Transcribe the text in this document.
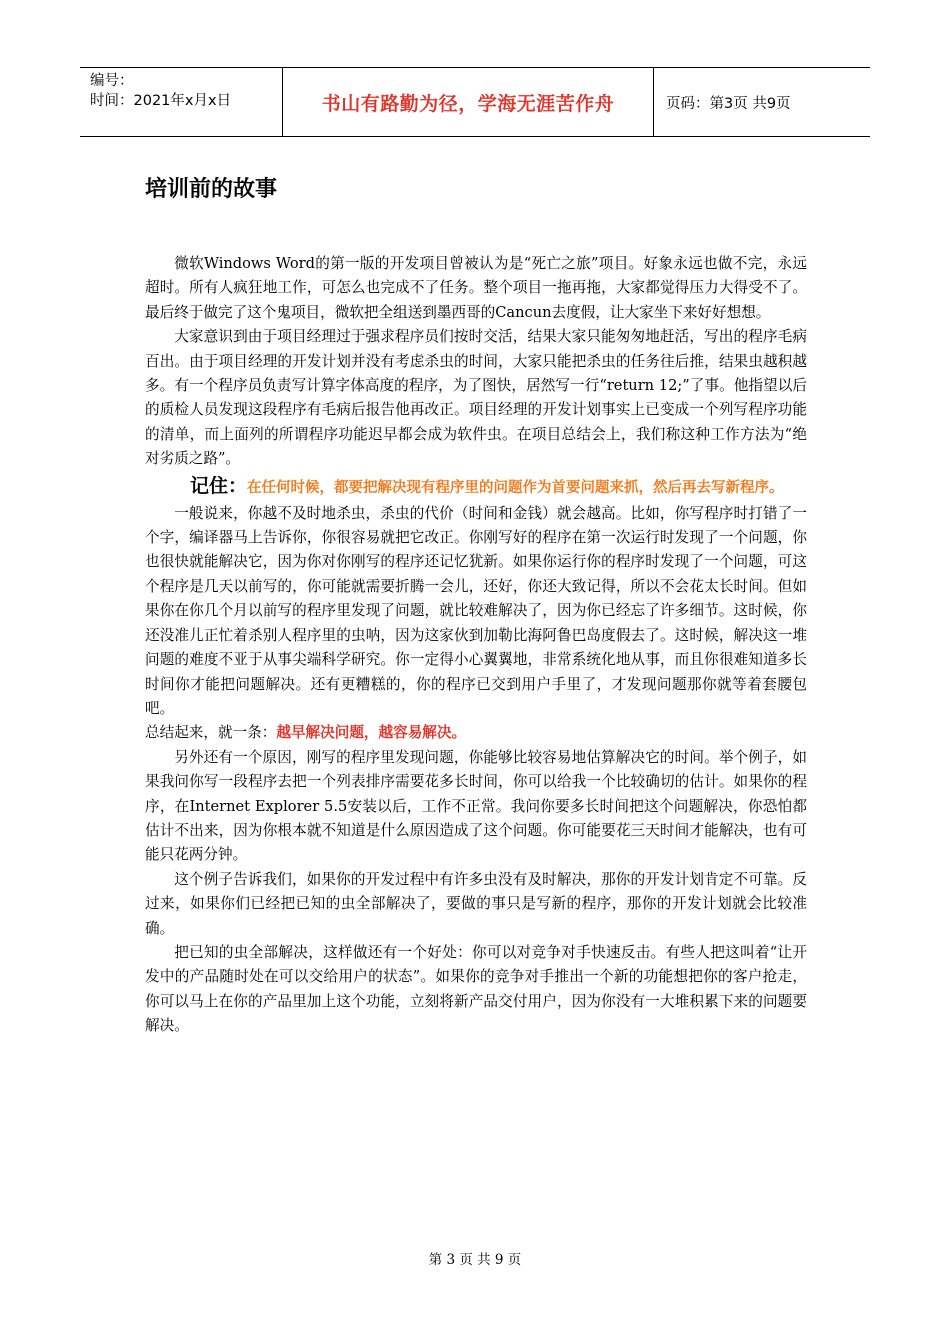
编号：
时间：2021年x月x日	书山有路勤为径，学海无涯苦作舟	页码：第3页 共9页
培训前的故事

微软Windows Word的第一版的开发项目曾被认为是“死亡之旅”项目。好象永远也做不完，永远超时。所有人疯狂地工作，可怎么也完成不了任务。整个项目一拖再拖，大家都觉得压力大得受不了。最后终于做完了这个鬼项目，微软把全组送到墨西哥的Cancun去度假，让大家坐下来好好想想。

大家意识到由于项目经理过于强求程序员们按时交活，结果大家只能匆匆地赶活，写出的程序毛病百出。由于项目经理的开发计划并没有考虑杀虫的时间，大家只能把杀虫的任务往后推，结果虫越积越多。有一个程序员负责写计算字体高度的程序，为了图快，居然写一行“return 12;”了事。他指望以后的质检人员发现这段程序有毛病后报告他再改正。项目经理的开发计划事实上已变成一个列写程序功能的清单，而上面列的所谓程序功能迟早都会成为软件虫。在项目总结会上，我们称这种工作方法为“绝对劣质之路”。

记住：在任何时候，都要把解决现有程序里的问题作为首要问题来抓，然后再去写新程序。

一般说来，你越不及时地杀虫，杀虫的代价（时间和金钱）就会越高。比如，你写程序时打错了一个字，编译器马上告诉你，你很容易就把它改正。你刚写好的程序在第一次运行时发现了一个问题，你也很快就能解决它，因为你对你刚写的程序还记忆犹新。如果你运行你的程序时发现了一个问题，可这个程序是几天以前写的，你可能就需要折腾一会儿，还好，你还大致记得，所以不会花太长时间。但如果你在你几个月以前写的程序里发现了问题，就比较难解决了，因为你已经忘了许多细节。这时候，你还没准儿正忙着杀别人程序里的虫呐，因为这家伙到加勒比海阿鲁巴岛度假去了。这时候，解决这一堆问题的难度不亚于从事尖端科学研究。你一定得小心翼翼地，非常系统化地从事，而且你很难知道多长时间你才能把问题解决。还有更糟糕的，你的程序已交到用户手里了，才发现问题那你就等着套腰包吧。

总结起来，就一条：越早解决问题，越容易解决。

另外还有一个原因，刚写的程序里发现问题，你能够比较容易地估算解决它的时间。举个例子，如果我问你写一段程序去把一个列表排序需要花多长时间，你可以给我一个比较确切的估计。如果你的程序，在Internet Explorer 5.5安装以后，工作不正常。我问你要多长时间把这个问题解决，你恐怕都估计不出来，因为你根本就不知道是什么原因造成了这个问题。你可能要花三天时间才能解决，也有可能只花两分钟。

这个例子告诉我们，如果你的开发过程中有许多虫没有及时解决，那你的开发计划肯定不可靠。反过来，如果你们已经把已知的虫全部解决了，要做的事只是写新的程序，那你的开发计划就会比较准确。

把已知的虫全部解决，这样做还有一个好处：你可以对竞争对手快速反击。有些人把这叫着“让开发中的产品随时处在可以交给用户的状态”。如果你的竞争对手推出一个新的功能想把你的客户抢走，你可以马上在你的产品里加上这个功能，立刻将新产品交付用户，因为你没有一大堆积累下来的问题要解决。

第 3 页 共 9 页
